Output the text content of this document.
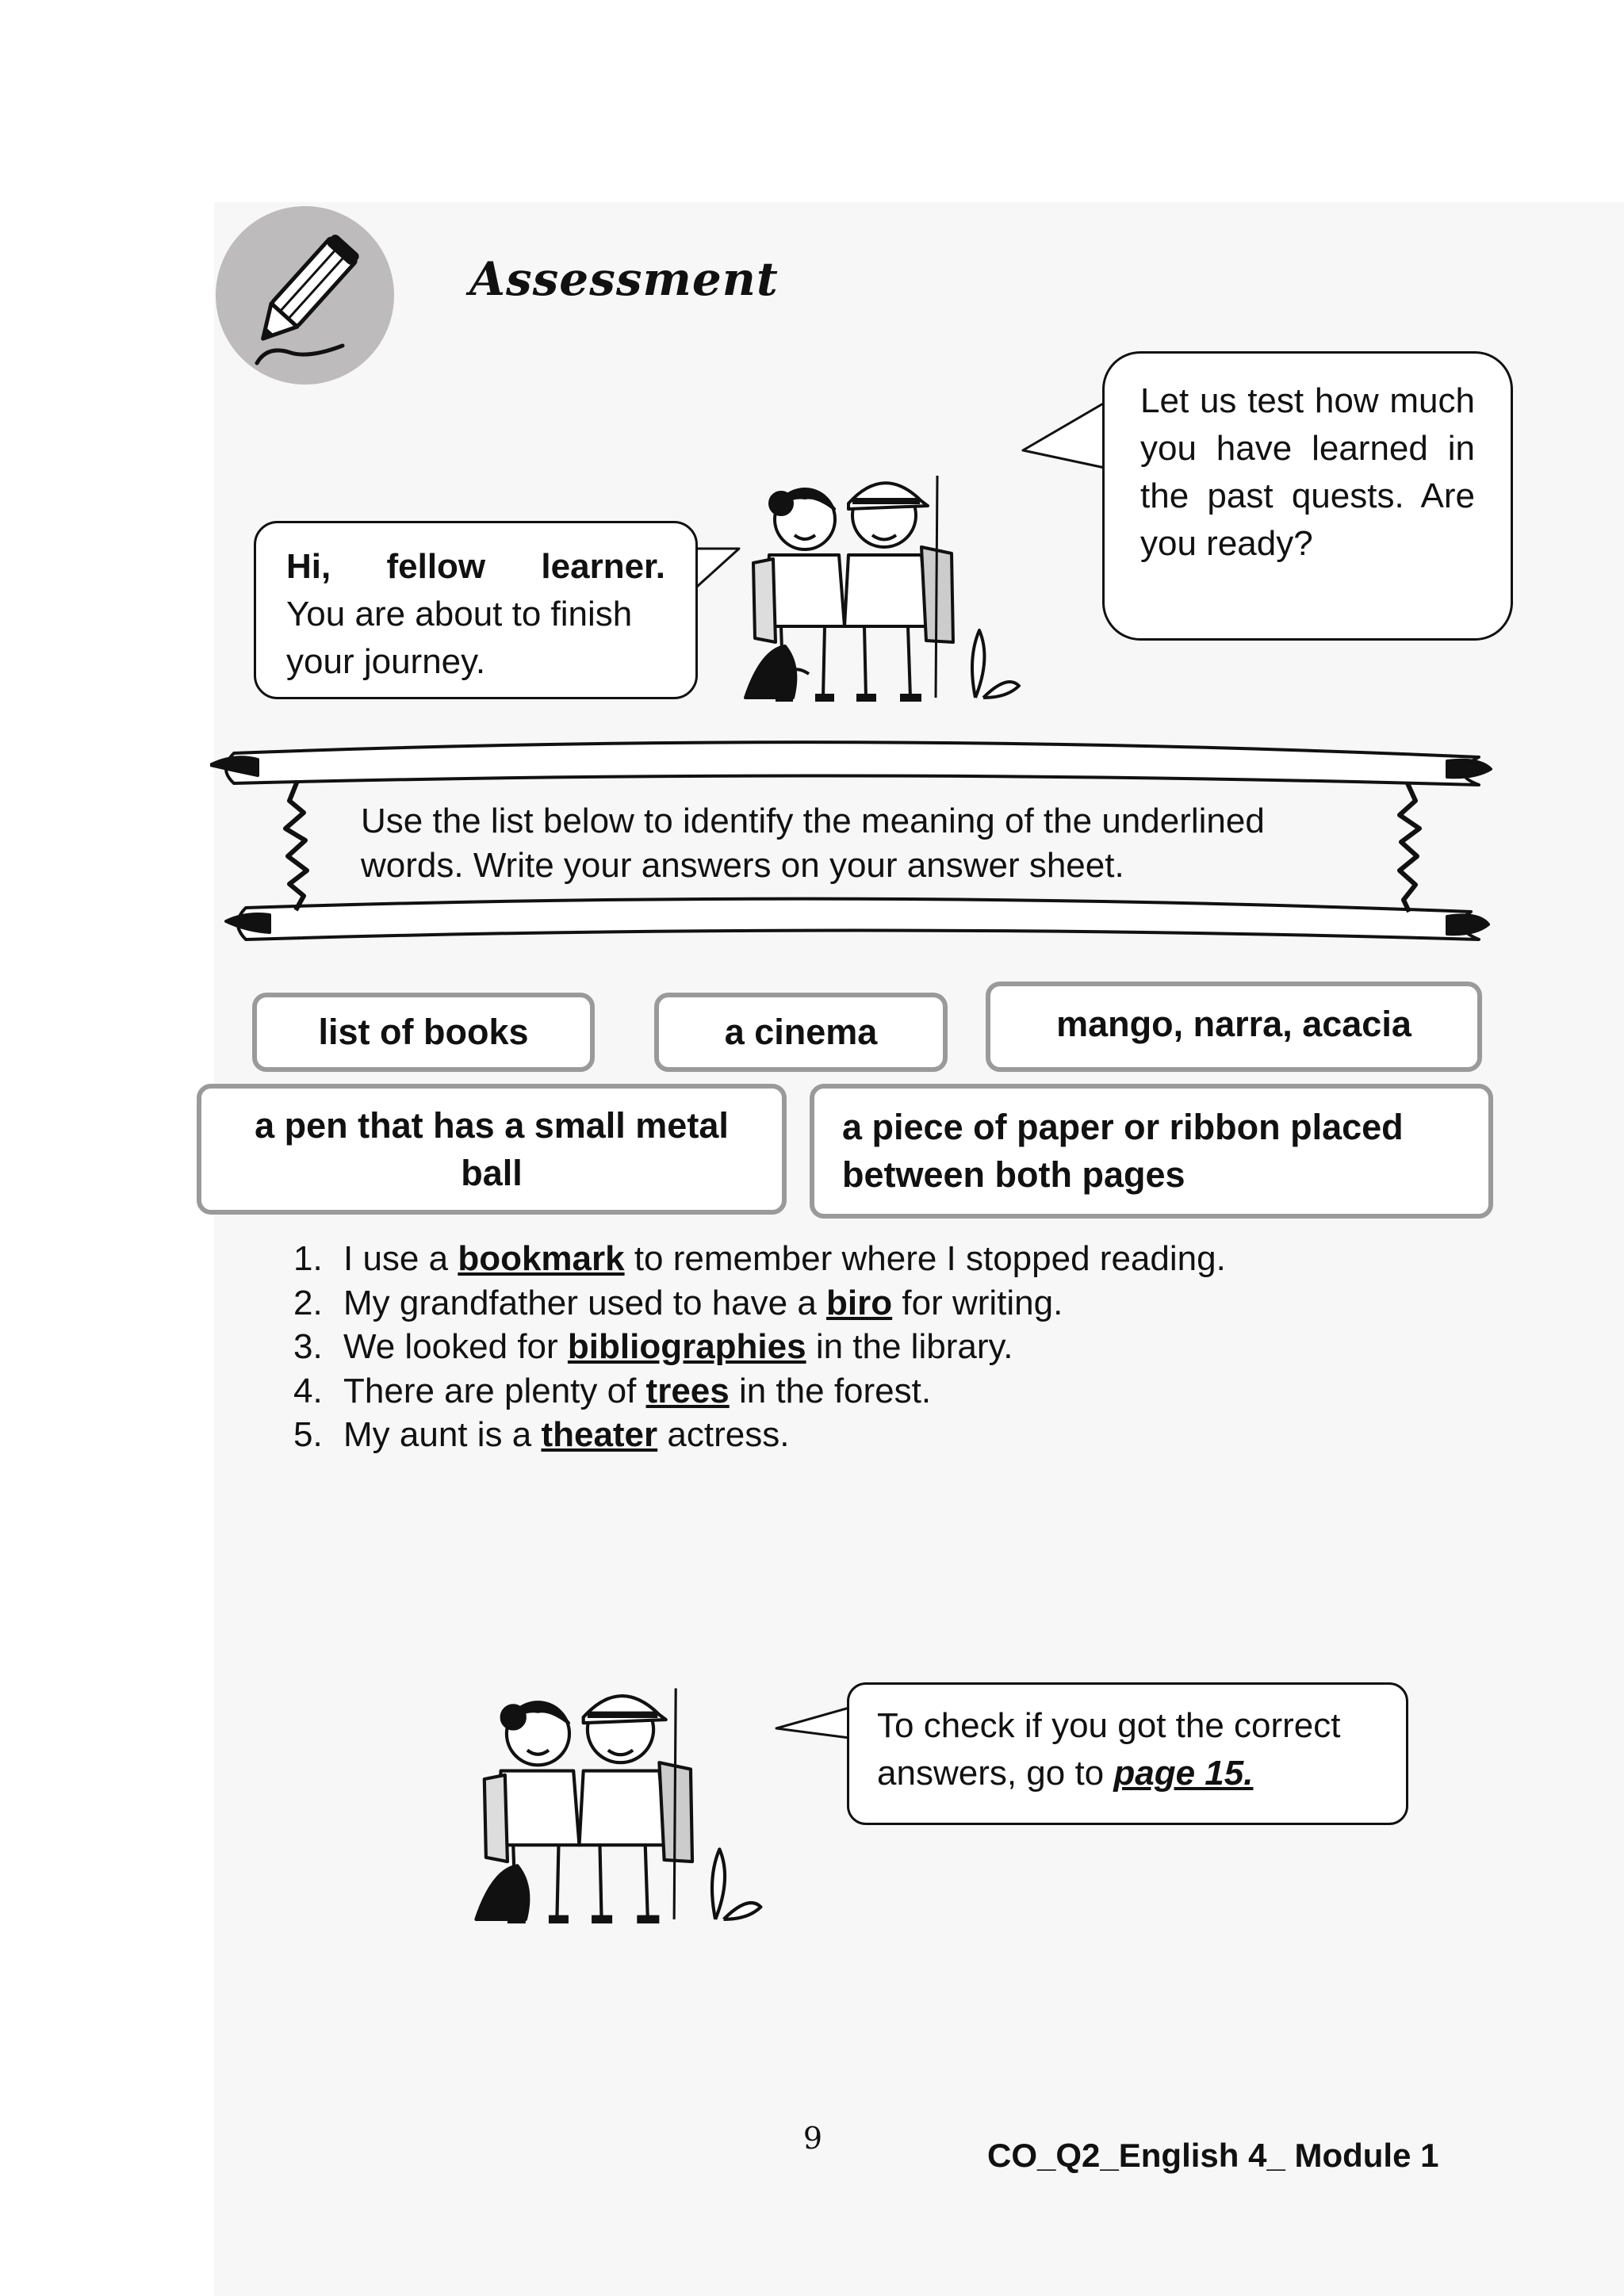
Assessment

Hi, fellow learner.

You are about to finish

your journey.

Let us test how much you have learned in the past quests. Are you ready?

Use the list below to identify the meaning of the underlined words. Write your answers on your answer sheet.
list of books	a cinema	mango, narra, acacia
a pen that has a small metal ball
a piece of paper or ribbon placed between both pages
1. I use a bookmark to remember where I stopped reading.
2. My grandfather used to have a biro for writing.
3. We looked for bibliographies in the library.
4. There are plenty of trees in the forest.
5. My aunt is a theater actress.

To check if you got the correct answers, go to page 15.

9	CO_Q2_English 4_ Module 1
